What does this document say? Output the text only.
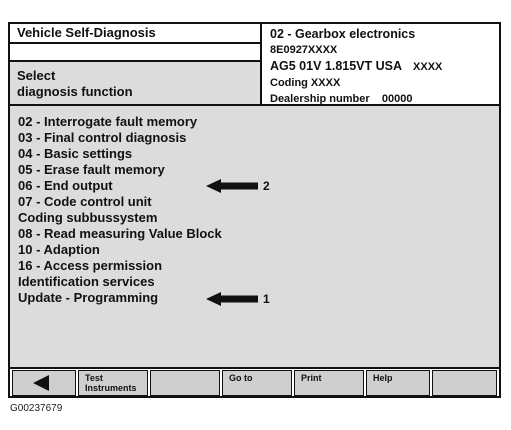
Vehicle Self-Diagnosis
Select
diagnosis function
02 - Gearbox electronics
8E0927XXXX
AG5 01V 1.815VT USA XXXX
Coding XXXX
Dealership number    00000
02 - Interrogate fault memory
03 - Final control diagnosis
04 - Basic settings
05 - Erase fault memory
06 - End output
07 - Code control unit
Coding subbussystem
08 - Read measuring Value Block
10 - Adaption
16 - Access permission
Identification services
Update - Programming
2
1
Test
Instruments
Go to	Print	Help
G00237679
